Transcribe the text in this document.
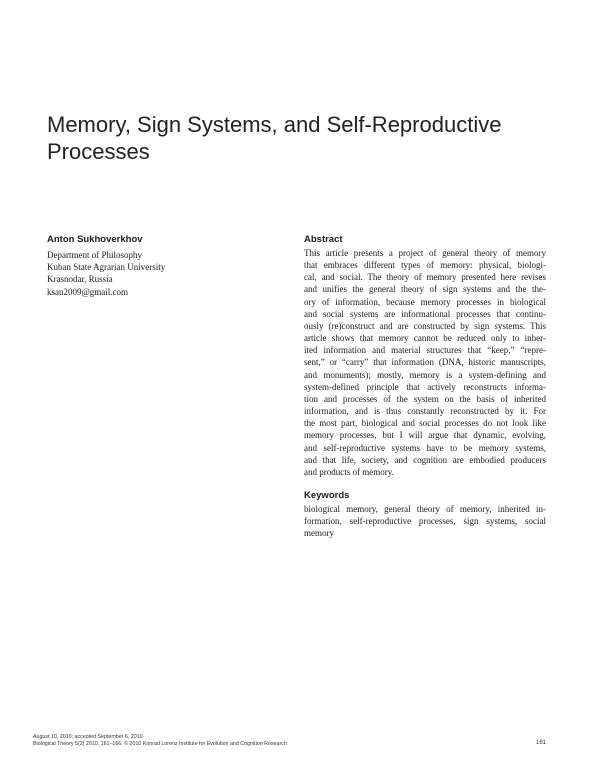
Memory, Sign Systems, and Self-Reproductive Processes
Anton Sukhoverkhov
Department of Philosophy
Kuban State Agrarian University
Krasnodar, Russia
ksau2009@gmail.com
Abstract
This article presents a project of general theory of memory
that embraces different types of memory: physical, biologi-
cal, and social. The theory of memory presented here revises
and unifies the general theory of sign systems and the the-
ory of information, because memory processes in biological
and social systems are informational processes that continu-
ously (re)construct and are constructed by sign systems. This
article shows that memory cannot be reduced only to inher-
ited information and material structures that “keep,” “repre-
sent,” or “carry” that information (DNA, historic manuscripts,
and monuments); mostly, memory is a system-defining and
system-defined principle that actively reconstructs informa-
tion and processes of the system on the basis of inherited
information, and is thus constantly reconstructed by it. For
the most part, biological and social processes do not look like
memory processes, but I will argue that dynamic, evolving,
and self-reproductive systems have to be memory systems,
and that life, society, and cognition are embodied producers
and products of memory.
Keywords
biological memory, general theory of memory, inherited in-
formation, self-reproductive processes, sign systems, social
memory
August 10, 2010; accepted September 6, 2010
Biological Theory 5(2) 2010, 161–166. © 2010 Konrad Lorenz Institute for Evolution and Cognition Research	161
